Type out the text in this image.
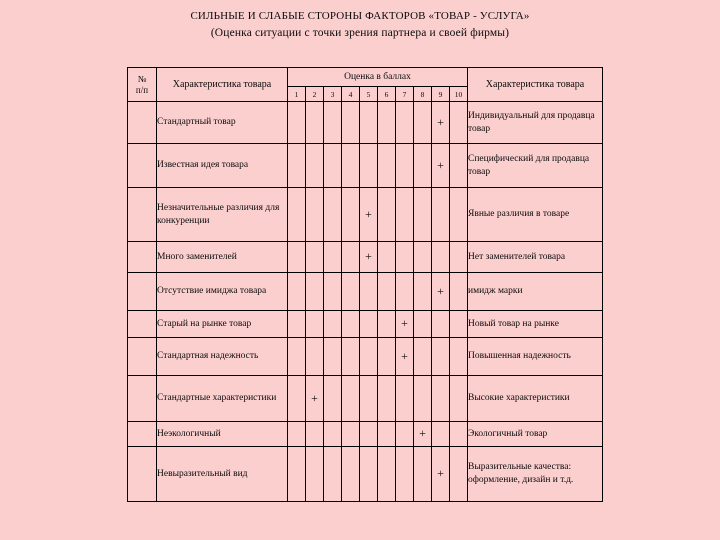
СИЛЬНЫЕ И СЛАБЫЕ СТОРОНЫ ФАКТОРОВ «ТОВАР - УСЛУГА»
(Оценка ситуации с точки зрения партнера и своей фирмы)
№
п/п	Характеристика товара	Оценка в баллах										Характеристика товара
		1	2	3	4	5	6	7	8	9	10	
	Стандартный товар									+		Индивидуальный для продавца товар
	Известная идея товара									+		Специфический для продавца товар
	Незначительные различия для конкуренции					+						Явные различия в товаре
	Много заменителей					+						Нет заменителей товара
	Отсутствие имиджа товара									+		имидж марки
	Старый на рынке товар							+				Новый товар на рынке
	Стандартная надежность							+				Повышенная надежность
	Стандартные характеристики		+									Высокие характеристики
	Неэкологичный								+			Экологичный товар
	Невыразительный вид									+		Выразительные качества: оформление, дизайн и т.д.
